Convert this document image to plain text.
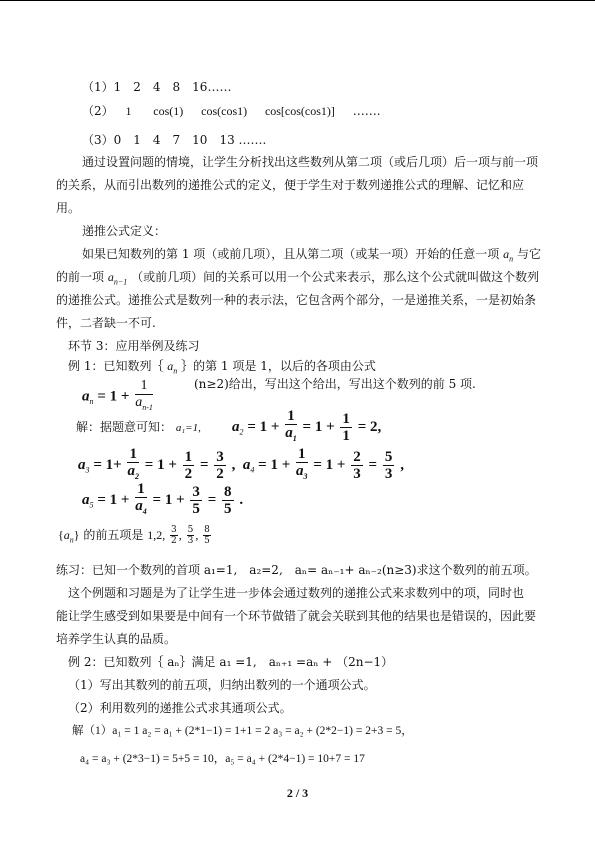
（1）1　2　4　8　16……
（2） 1 cos(1) cos(cos1) cos[cos(cos1)] …….
（3）0　1　4　7　10　13 …….
通过设置问题的情境，让学生分析找出这些数列从第二项（或后几项）后一项与前一项
的关系，从而引出数列的递推公式的定义，便于学生对于数列递推公式的理解、记忆和应
用。
递推公式定义：
如果已知数列的第 1 项（或前几项），且从第二项（或某一项）开始的任意一项 $a_n$ 与它
的前一项 $a_{n-1}$ （或前几项）间的关系可以用一个公式来表示，那么这个公式就叫做这个数列
的递推公式。递推公式是数列一种的表示法，它包含两个部分，一是递推关系，一是初始条
件，二者缺一不可.
环节 3：应用举例及练习
例 1：已知数列｛ $a_n$ ｝的第 1 项是 1，以后的各项由公式
$a_n = 1 + \frac{1}{a_{n-1}}$	(n≥2)给出，写出这个给出，写出这个数列的前 5 项.
解：据题意可知： a₁=1, $a_2 = 1 + \frac{1}{a_1} = 1 + \frac{1}{1} = 2$,
$a_3 = 1+ \frac{1}{a_2} = 1 + \frac{1}{2} = \frac{3}{2}$ ,  $a_4 = 1 + \frac{1}{a_3} = 1 + \frac{2}{3} = \frac{5}{3}$ ,
$a_5 = 1 + \frac{1}{a_4} = 1 + \frac{3}{5} = \frac{8}{5}$ .
$\{a_n\}$ 的前五项是 1,2, $\frac{3}{2}$ , $\frac{5}{3}$ , $\frac{8}{5}$
练习：已知一个数列的首项 a₁=1,　a₂=2,　aₙ= aₙ₋₁+ aₙ₋₂(n≥3)求这个数列的前五项。
这个例题和习题是为了让学生进一步体会通过数列的递推公式来求数列中的项，同时也
能让学生感受到如果要是中间有一个环节做错了就会关联到其他的结果也是错误的，因此要
培养学生认真的品质。
例 2：已知数列｛ aₙ｝满足 a₁ =1,　aₙ₊₁ =aₙ + （2n−1）
（1）写出其数列的前五项，归纳出数列的一个通项公式。
（2）利用数列的递推公式求其通项公式。
解（1）a₁ = 1 a₂ = a₁ + (2*1−1) = 1+1 = 2 a₃ = a₂ + (2*2−1) = 2+3 = 5，
a₄ = a₃ + (2*3−1) = 5+5 = 10，a₅ = a₄ + (2*4−1) = 10+7 = 17
2 / 3
